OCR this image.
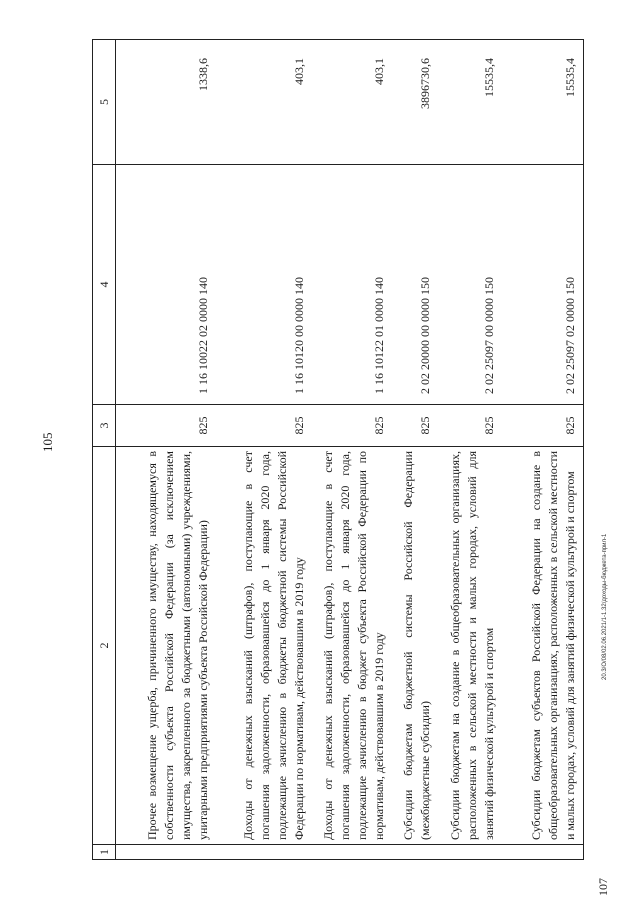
105
107
20.3/О/08/02.06.2021/1-1.32/доходы-бюджета-прил-1
1	2	3	4	5
	Прочее возмещение ущерба, причиненного имуществу, находящемуся в собственности субъекта Российской Федерации (за исключением имущества, закрепленного за бюджетными (автономными) учреждениями, унитарными предприятиями субъекта Российской Федерации)	825	1 16 10022 02 0000 140	1338,6
	Доходы от денежных взысканий (штрафов), поступающие в счет погашения задолженности, образовавшейся до 1 января 2020 года, подлежащие зачислению в бюджеты бюджетной системы Российской Федерации по нормативам, действовавшим в 2019 году	825	1 16 10120 00 0000 140	403,1
	Доходы от денежных взысканий (штрафов), поступающие в счет погашения задолженности, образовавшейся до 1 января 2020 года, подлежащие зачислению в бюджет субъекта Российской Федерации по нормативам, действовавшим в 2019 году	825	1 16 10122 01 0000 140	403,1
	Субсидии бюджетам бюджетной системы Российской Федерации (межбюджетные субсидии)	825	2 02 20000 00 0000 150	3896730,6
	Субсидии бюджетам на создание в общеобразовательных организациях, расположенных в сельской местности и малых городах, условий для занятий физической культурой и спортом	825	2 02 25097 00 0000 150	15535,4
	Субсидии бюджетам субъектов Российской Федерации на создание в общеобразовательных организациях, расположенных в сельской местности и малых городах, условий для занятий физической культурой и спортом	825	2 02 25097 02 0000 150	15535,4
